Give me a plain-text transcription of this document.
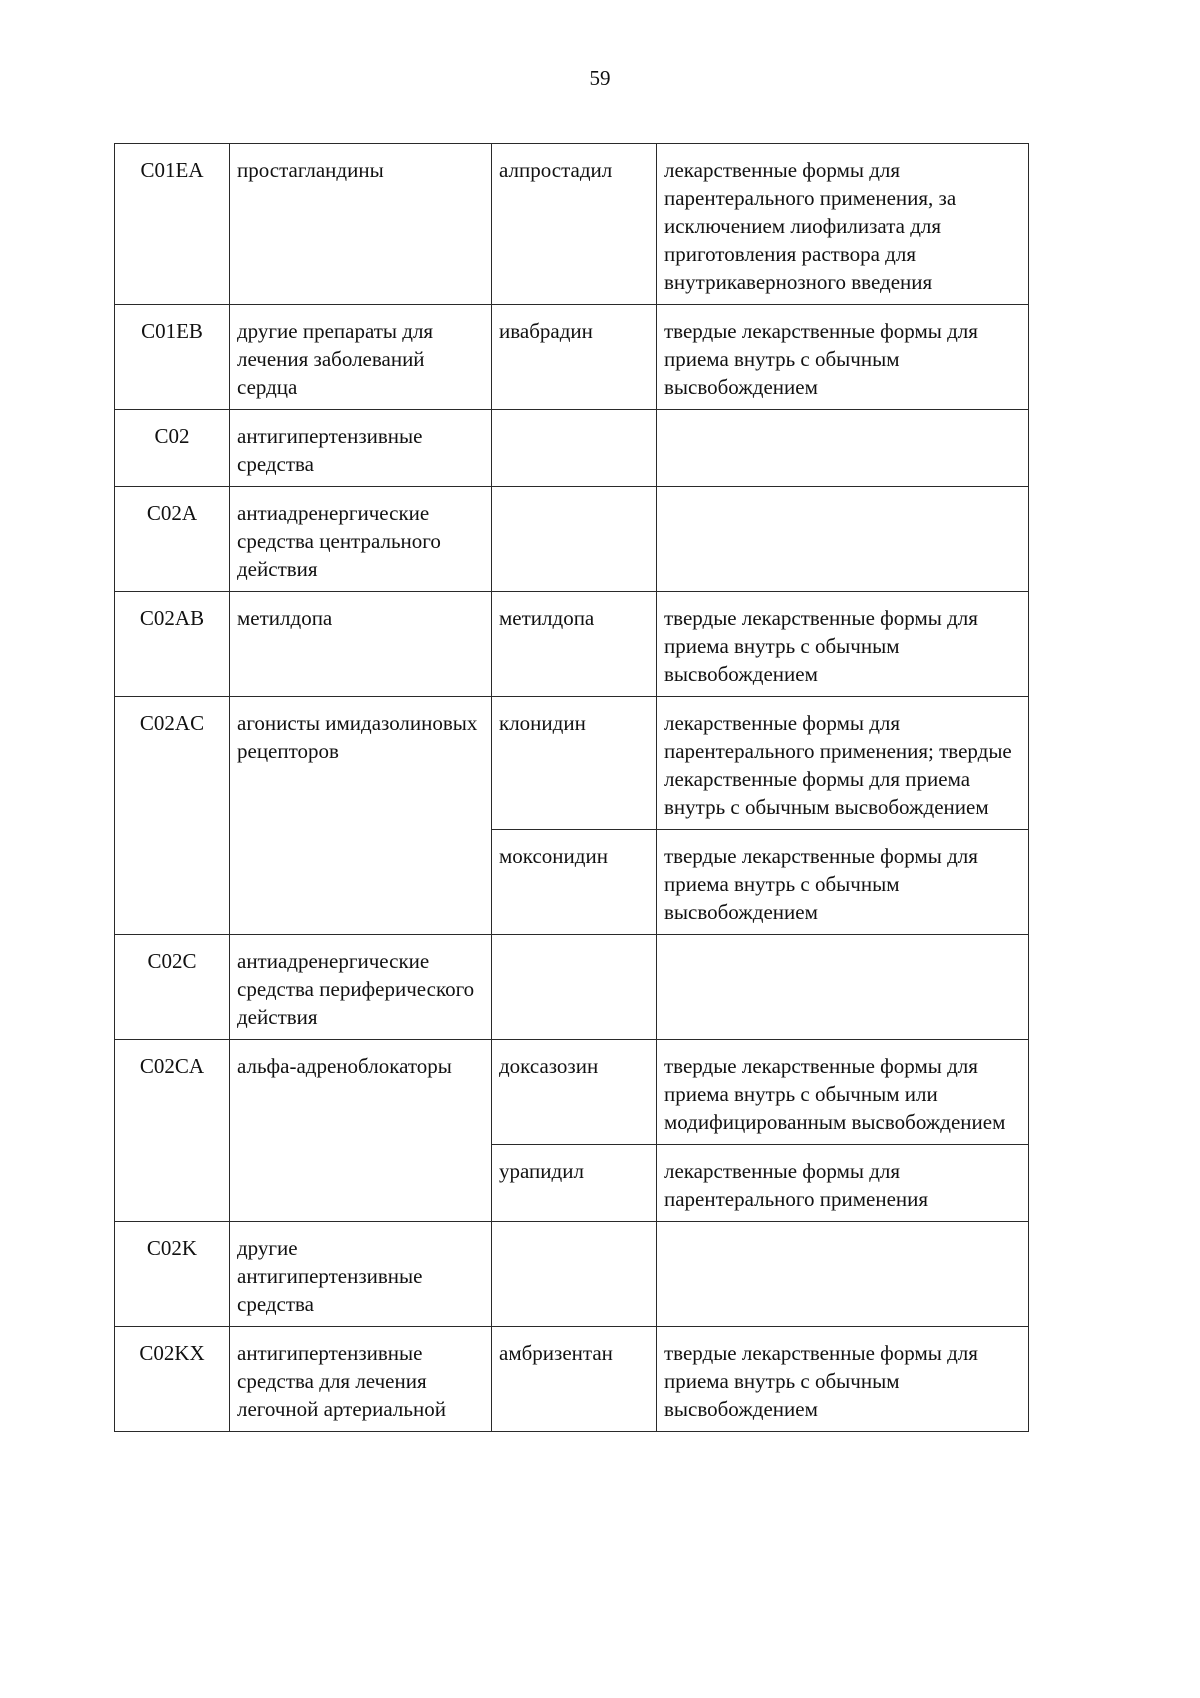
59
C01EA	простагландины	алпростадил	лекарственные формы для парентерального применения, за исключением лиофилизата для приготовления раствора для внутрикавернозного введения
C01EB	другие препараты для лечения заболеваний сердца	ивабрадин	твердые лекарственные формы для приема внутрь с обычным высвобождением
C02	антигипертензивные средства		
C02A	антиадренергические средства центрального действия		
C02AB	метилдопа	метилдопа	твердые лекарственные формы для приема внутрь с обычным высвобождением
C02AC	агонисты имидазолиновых рецепторов	клонидин	лекарственные формы для парентерального применения; твердые лекарственные формы для приема внутрь с обычным высвобождением
		моксонидин	твердые лекарственные формы для приема внутрь с обычным высвобождением
C02C	антиадренергические средства периферического действия		
C02CA	альфа-адреноблокаторы	доксазозин	твердые лекарственные формы для приема внутрь с обычным или модифицированным высвобождением
		урапидил	лекарственные формы для парентерального применения
C02K	другие антигипертензивные средства		
C02KX	антигипертензивные средства для лечения легочной артериальной	амбризентан	твердые лекарственные формы для приема внутрь с обычным высвобождением
